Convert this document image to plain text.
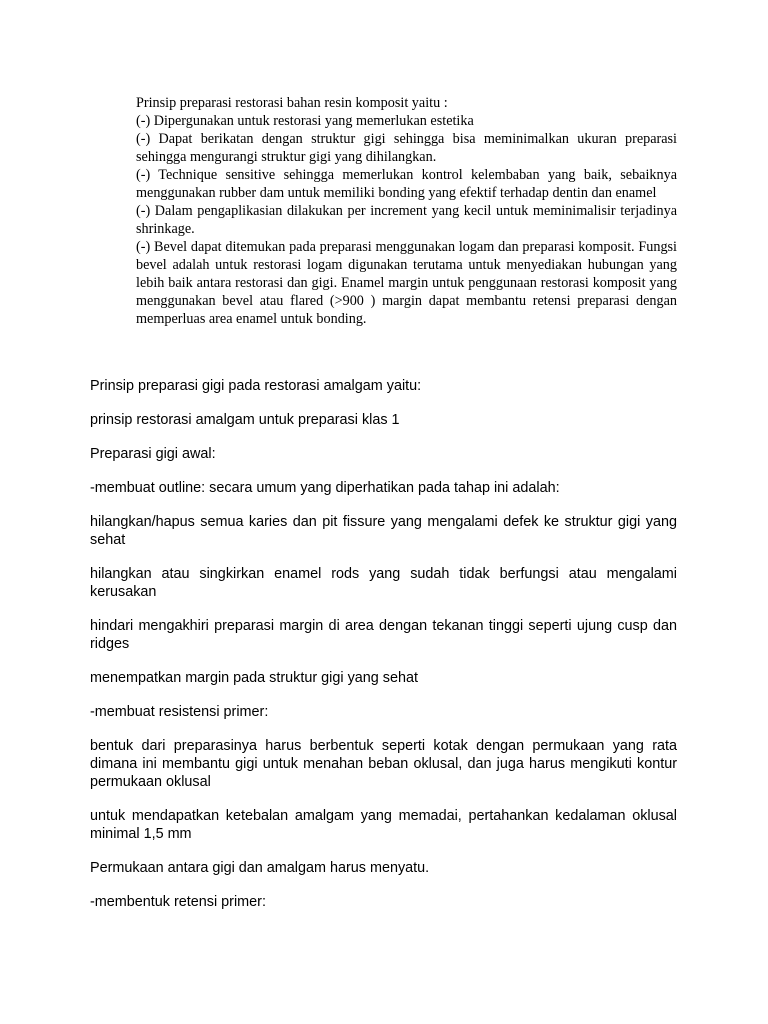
Prinsip preparasi restorasi bahan resin komposit yaitu :

(-) Dipergunakan untuk restorasi yang memerlukan estetika

(-) Dapat berikatan dengan struktur gigi sehingga bisa meminimalkan ukuran preparasi sehingga mengurangi struktur gigi yang dihilangkan.

(-) Technique sensitive sehingga memerlukan kontrol kelembaban yang baik, sebaiknya menggunakan rubber dam untuk memiliki bonding yang efektif terhadap dentin dan enamel

(-) Dalam pengaplikasian dilakukan per increment yang kecil untuk meminimalisir terjadinya shrinkage.

(-) Bevel dapat ditemukan pada preparasi menggunakan logam dan preparasi komposit. Fungsi bevel adalah untuk restorasi logam digunakan terutama untuk menyediakan hubungan yang lebih baik antara restorasi dan gigi. Enamel margin untuk penggunaan restorasi komposit yang menggunakan bevel atau flared (>900 ) margin dapat membantu retensi preparasi dengan memperluas area enamel untuk bonding.

Prinsip preparasi gigi pada restorasi amalgam yaitu:

prinsip restorasi amalgam untuk preparasi klas 1

Preparasi gigi awal:

-membuat outline: secara umum yang diperhatikan pada tahap ini adalah:

hilangkan/hapus semua karies dan pit fissure yang mengalami defek ke struktur gigi yang sehat

hilangkan atau singkirkan enamel rods yang sudah tidak berfungsi atau mengalami kerusakan

hindari mengakhiri preparasi margin di area dengan tekanan tinggi seperti ujung cusp dan ridges

menempatkan margin pada struktur gigi yang sehat

-membuat resistensi primer:

bentuk dari preparasinya harus berbentuk seperti kotak dengan permukaan yang rata dimana ini membantu gigi untuk menahan beban oklusal, dan juga harus mengikuti kontur permukaan oklusal

untuk mendapatkan ketebalan amalgam yang memadai, pertahankan kedalaman oklusal minimal 1,5 mm

Permukaan antara gigi dan amalgam harus menyatu.

-membentuk retensi primer:
